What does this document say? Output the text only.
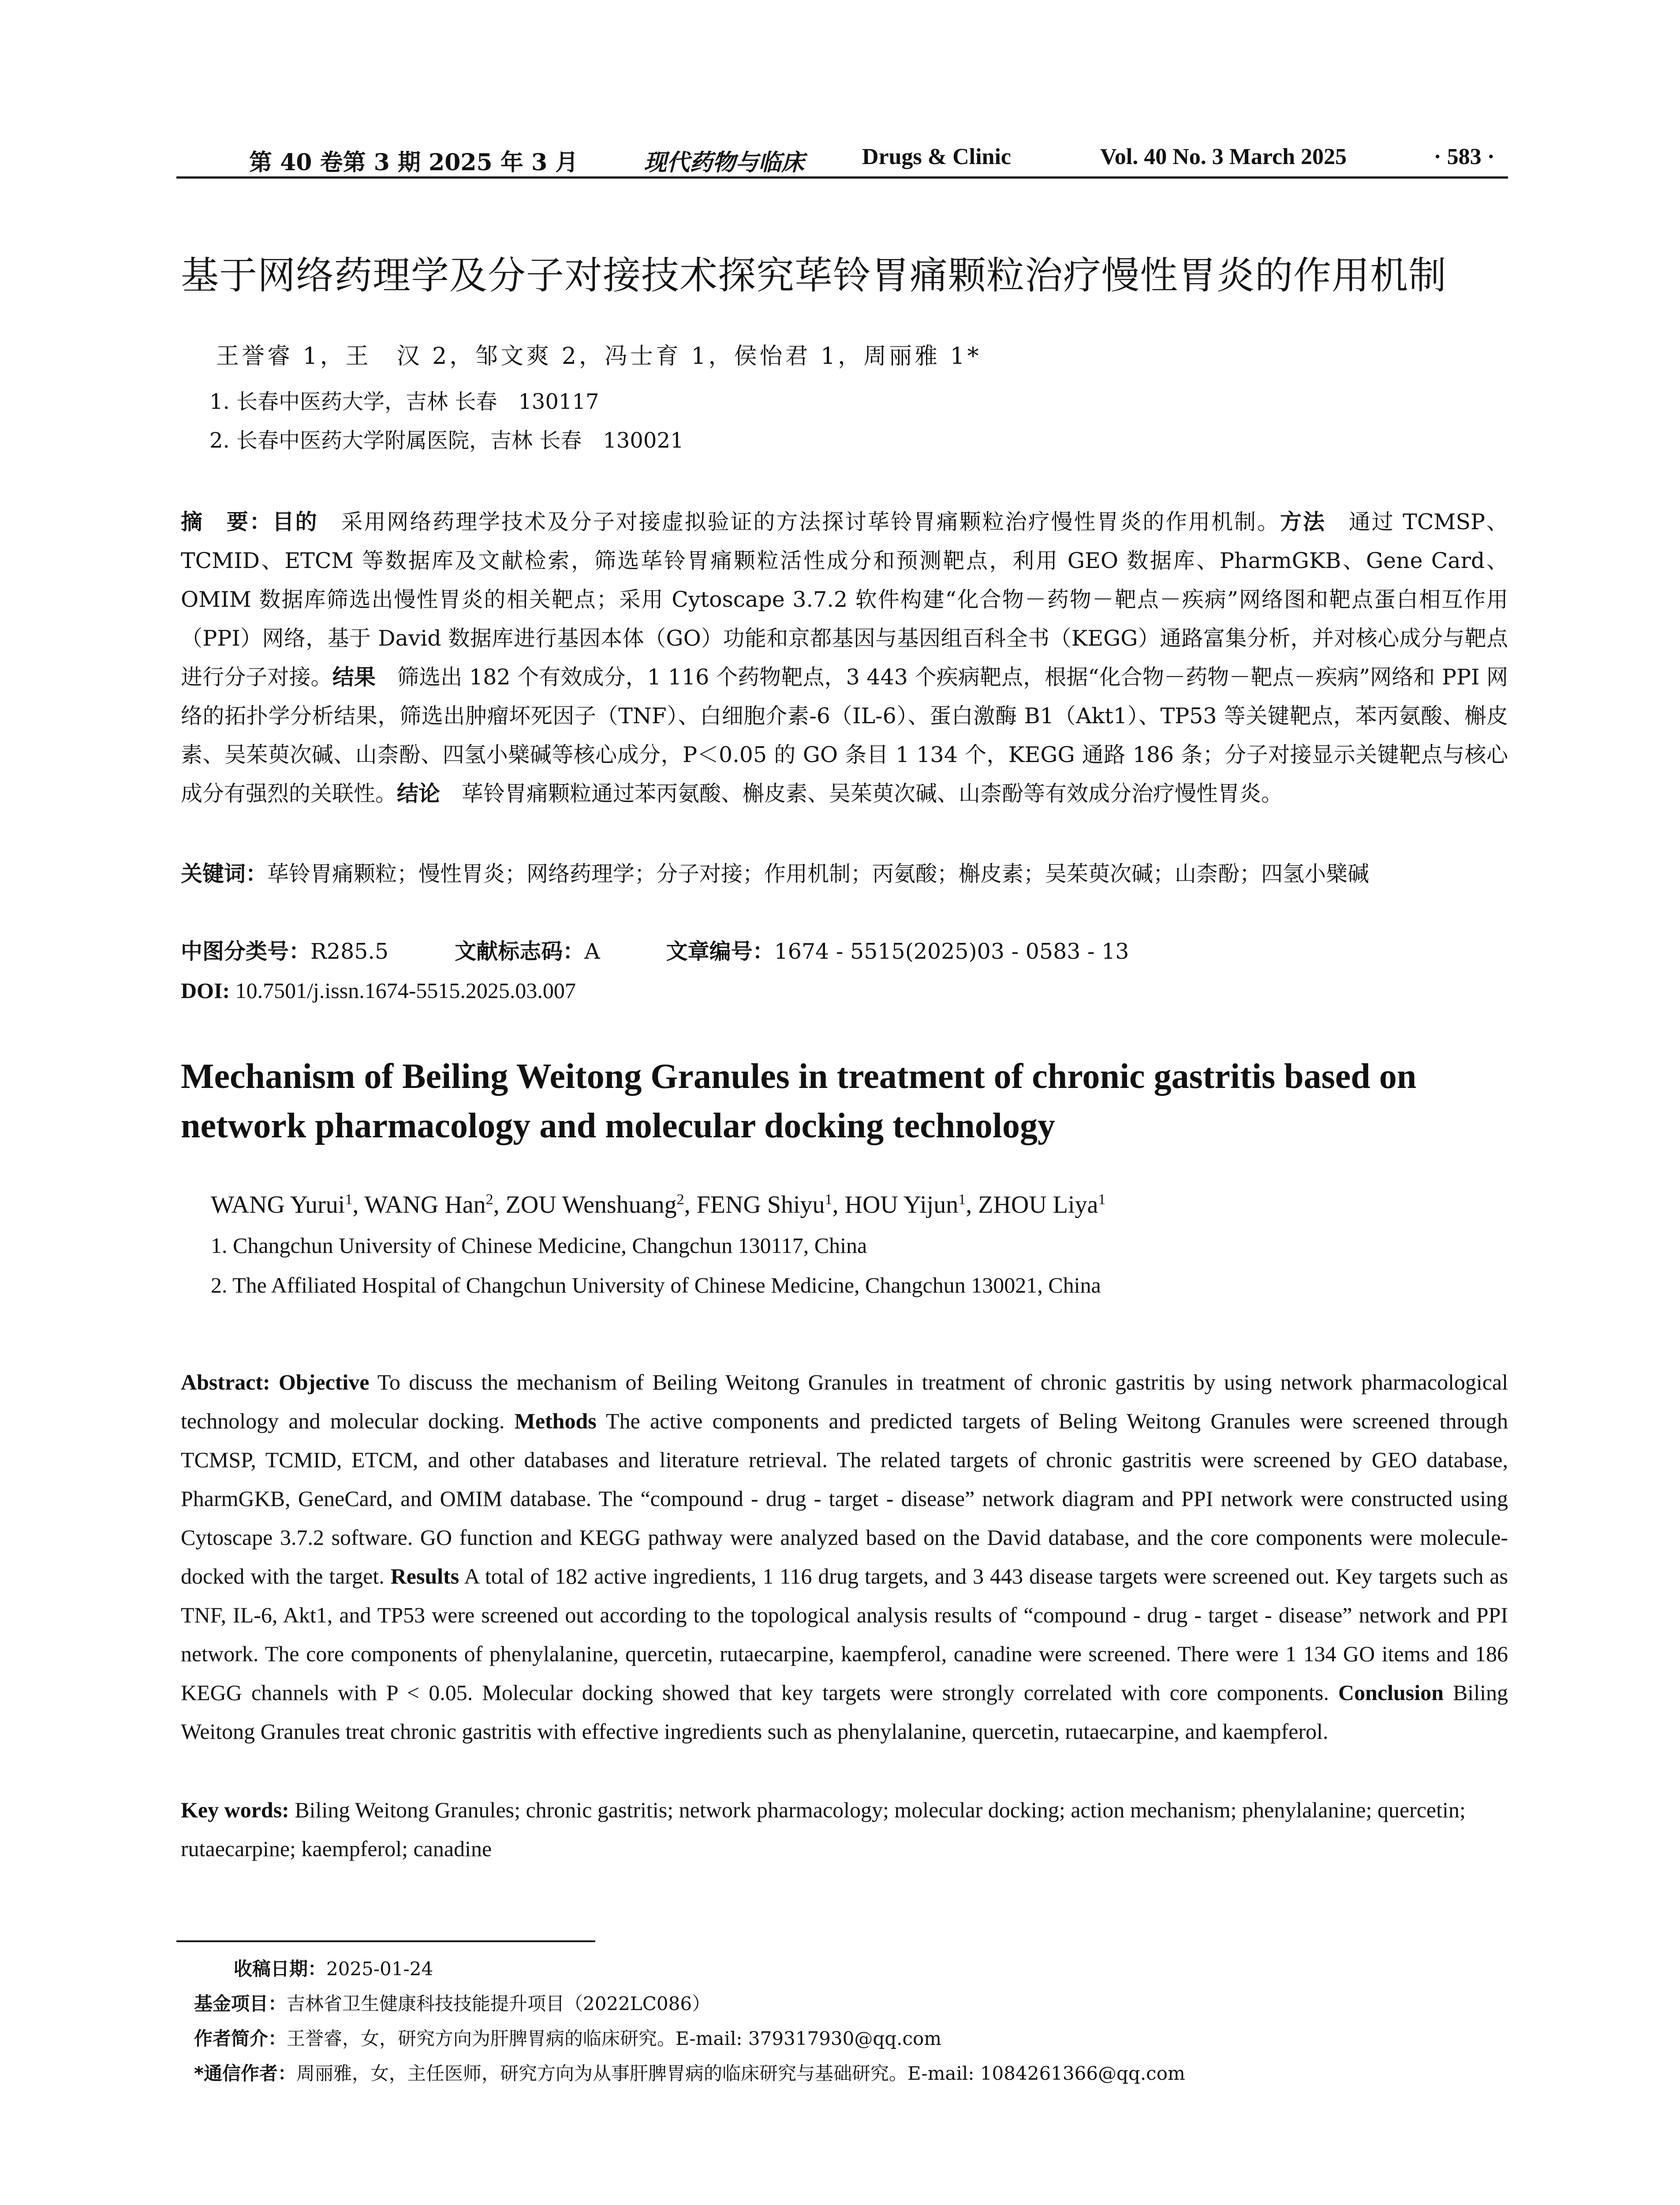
第 40 卷第 3 期 2025 年 3 月	现代药物与临床	Drugs & Clinic	Vol. 40 No. 3 March 2025	· 583 ·
基于网络药理学及分子对接技术探究荜铃胃痛颗粒治疗慢性胃炎的作用机制
王誉睿 1，王　汉 2，邹文爽 2，冯士育 1，侯怡君 1，周丽雅 1*
1. 长春中医药大学，吉林 长春　130117
2. 长春中医药大学附属医院，吉林 长春　130021
摘　要：目的　采用网络药理学技术及分子对接虚拟验证的方法探讨荜铃胃痛颗粒治疗慢性胃炎的作用机制。方法　通过 TCMSP、TCMID、ETCM 等数据库及文献检索，筛选荜铃胃痛颗粒活性成分和预测靶点，利用 GEO 数据库、PharmGKB、Gene Card、OMIM 数据库筛选出慢性胃炎的相关靶点；采用 Cytoscape 3.7.2 软件构建“化合物－药物－靶点－疾病”网络图和靶点蛋白相互作用（PPI）网络，基于 David 数据库进行基因本体（GO）功能和京都基因与基因组百科全书（KEGG）通路富集分析，并对核心成分与靶点进行分子对接。结果　筛选出 182 个有效成分，1 116 个药物靶点，3 443 个疾病靶点，根据“化合物－药物－靶点－疾病”网络和 PPI 网络的拓扑学分析结果，筛选出肿瘤坏死因子（TNF）、白细胞介素-6（IL-6）、蛋白激酶 B1（Akt1）、TP53 等关键靶点，苯丙氨酸、槲皮素、吴茱萸次碱、山柰酚、四氢小檗碱等核心成分，P＜0.05 的 GO 条目 1 134 个，KEGG 通路 186 条；分子对接显示关键靶点与核心成分有强烈的关联性。结论　荜铃胃痛颗粒通过苯丙氨酸、槲皮素、吴茱萸次碱、山柰酚等有效成分治疗慢性胃炎。
关键词：荜铃胃痛颗粒；慢性胃炎；网络药理学；分子对接；作用机制；丙氨酸；槲皮素；吴茱萸次碱；山柰酚；四氢小檗碱
中图分类号：R285.5	文献标志码：A	文章编号：1674 - 5515(2025)03 - 0583 - 13
DOI: 10.7501/j.issn.1674-5515.2025.03.007
Mechanism of Beiling Weitong Granules in treatment of chronic gastritis based on network pharmacology and molecular docking technology
WANG Yurui$^1$, WANG Han$^2$, ZOU Wenshuang$^2$, FENG Shiyu$^1$, HOU Yijun$^1$, ZHOU Liya$^1$
1. Changchun University of Chinese Medicine, Changchun 130117, China
2. The Affiliated Hospital of Changchun University of Chinese Medicine, Changchun 130021, China
Abstract: Objective To discuss the mechanism of Beiling Weitong Granules in treatment of chronic gastritis by using network pharmacological technology and molecular docking. Methods The active components and predicted targets of Beling Weitong Granules were screened through TCMSP, TCMID, ETCM, and other databases and literature retrieval. The related targets of chronic gastritis were screened by GEO database, PharmGKB, GeneCard, and OMIM database. The “compound - drug - target - disease” network diagram and PPI network were constructed using Cytoscape 3.7.2 software. GO function and KEGG pathway were analyzed based on the David database, and the core components were molecule-docked with the target. Results A total of 182 active ingredients, 1 116 drug targets, and 3 443 disease targets were screened out. Key targets such as TNF, IL-6, Akt1, and TP53 were screened out according to the topological analysis results of “compound - drug - target - disease” network and PPI network. The core components of phenylalanine, quercetin, rutaecarpine, kaempferol, canadine were screened. There were 1 134 GO items and 186 KEGG channels with P < 0.05. Molecular docking showed that key targets were strongly correlated with core components. Conclusion Biling Weitong Granules treat chronic gastritis with effective ingredients such as phenylalanine, quercetin, rutaecarpine, and kaempferol.
Key words: Biling Weitong Granules; chronic gastritis; network pharmacology; molecular docking; action mechanism; phenylalanine; quercetin; rutaecarpine; kaempferol; canadine
收稿日期：2025-01-24
基金项目：吉林省卫生健康科技技能提升项目（2022LC086）
作者简介：王誉睿，女，研究方向为肝脾胃病的临床研究。E-mail: 379317930@qq.com
*通信作者：周丽雅，女，主任医师，研究方向为从事肝脾胃病的临床研究与基础研究。E-mail: 1084261366@qq.com
